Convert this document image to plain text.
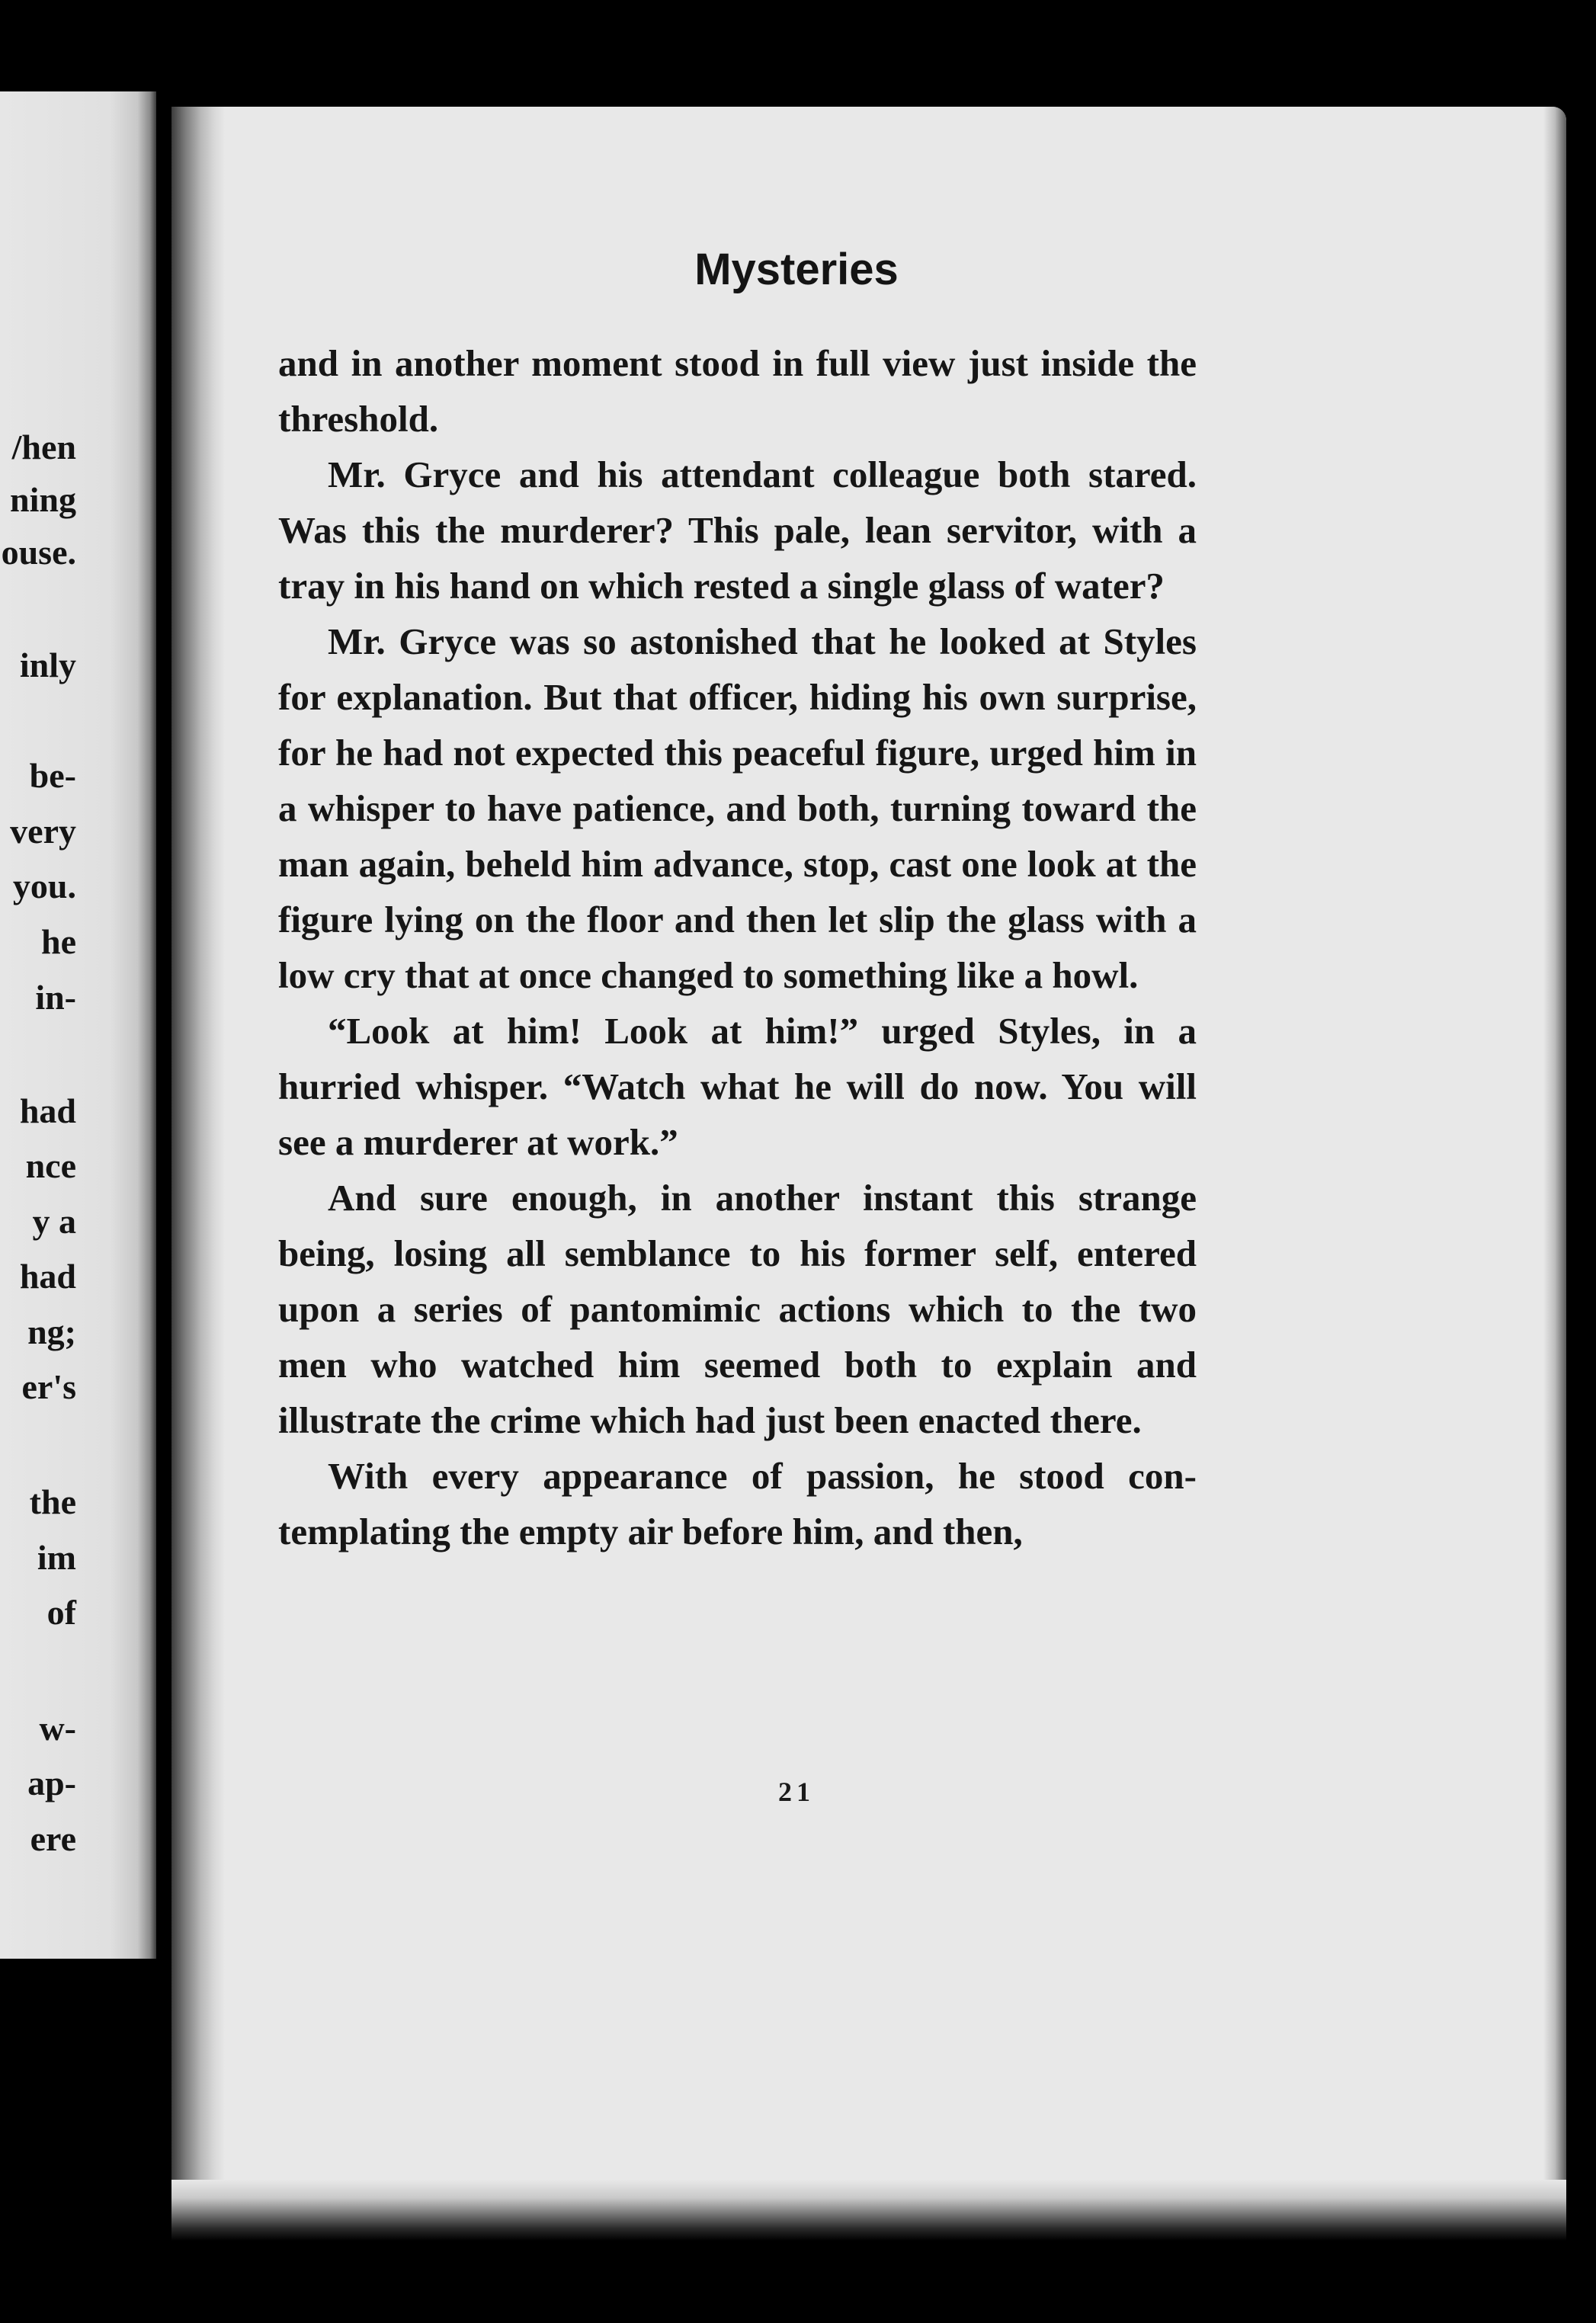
/hen
ning
ouse.
inly
be-
very
you.
he
in-
had
nce
y a
had
ng;
er's
the
im
of
w-
ap-
ere
Mysteries

and in another moment stood in full view just inside the threshold.

Mr. Gryce and his attendant colleague both stared. Was this the murderer? This pale, lean servitor, with a tray in his hand on which rested a single glass of water?

Mr. Gryce was so astonished that he looked at Styles for explanation. But that officer, hiding his own surprise, for he had not expected this peaceful figure, urged him in a whisper to have patience, and both, turning toward the man again, beheld him advance, stop, cast one look at the figure lying on the floor and then let slip the glass with a low cry that at once changed to something like a howl.

“Look at him! Look at him!” urged Styles, in a hurried whisper. “Watch what he will do now. You will see a murderer at work.”

And sure enough, in another instant this strange being, losing all semblance to his former self, entered upon a series of pantomimic actions which to the two men who watched him seemed both to explain and illustrate the crime which had just been enacted there.

With every appearance of passion, he stood contemplating the empty air before him, and then,

21
